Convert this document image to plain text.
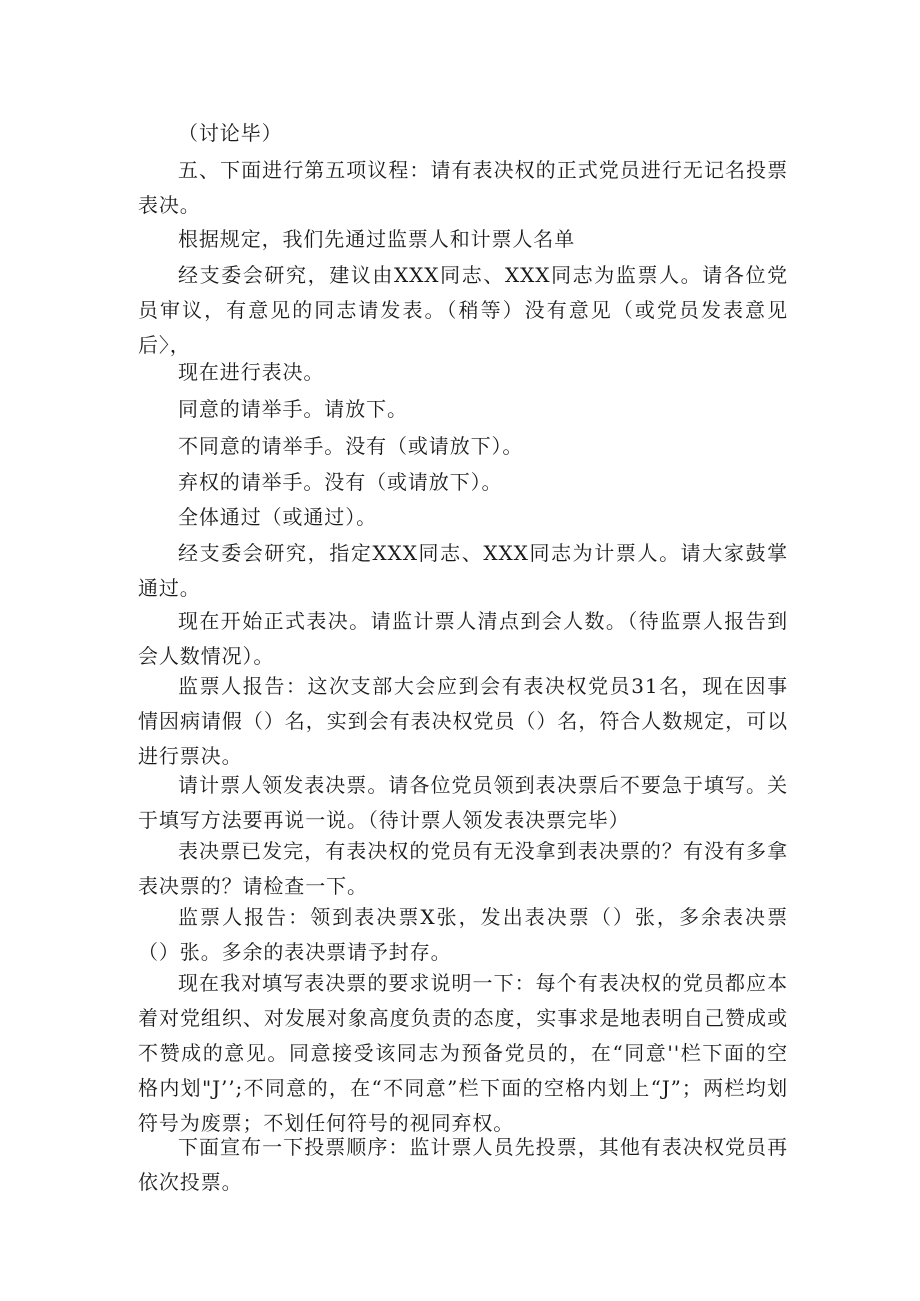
（讨论毕）

五、下面进行第五项议程：请有表决权的正式党员进行无记名投票表决。

根据规定，我们先通过监票人和计票人名单

经支委会研究，建议由XXX同志、XXX同志为监票人。请各位党员审议，有意见的同志请发表。（稍等）没有意见（或党员发表意见后〉，

现在进行表决。

同意的请举手。请放下。

不同意的请举手。没有（或请放下）。

弃权的请举手。没有（或请放下）。

全体通过（或通过）。

经支委会研究，指定XXX同志、XXX同志为计票人。请大家鼓掌通过。

现在开始正式表决。请监计票人清点到会人数。（待监票人报告到会人数情况）。

监票人报告：这次支部大会应到会有表决权党员31名，现在因事情因病请假（）名，实到会有表决权党员（）名，符合人数规定，可以进行票决。

请计票人领发表决票。请各位党员领到表决票后不要急于填写。关于填写方法要再说一说。（待计票人领发表决票完毕）

表决票已发完，有表决权的党员有无没拿到表决票的？有没有多拿表决票的？请检查一下。

监票人报告：领到表决票X张，发出表决票（）张，多余表决票（）张。多余的表决票请予封存。

现在我对填写表决票的要求说明一下：每个有表决权的党员都应本着对党组织、对发展对象高度负责的态度，实事求是地表明自己赞成或不赞成的意见。同意接受该同志为预备党员的，在“同意''栏下面的空格内划"J’’;不同意的，在“不同意”栏下面的空格内划上“J”；两栏均划符号为废票；不划任何符号的视同弃权。

下面宣布一下投票顺序：监计票人员先投票，其他有表决权党员再依次投票。
